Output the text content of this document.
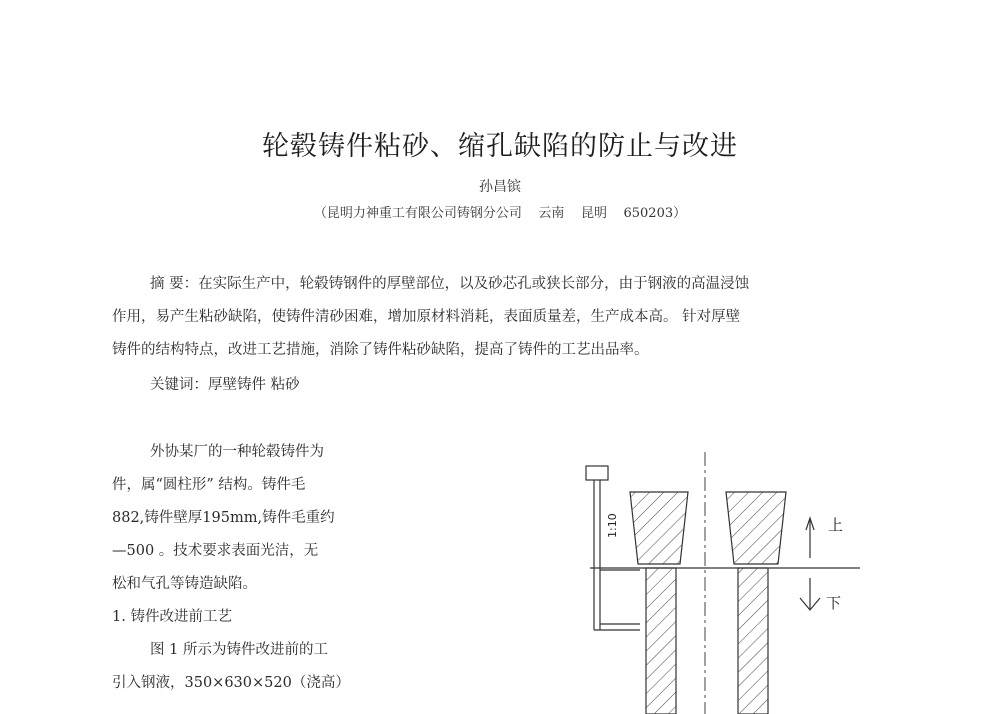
轮毂铸件粘砂、缩孔缺陷的防止与改进
孙昌镔
（昆明力神重工有限公司铸钢分公司    云南    昆明    650203）
摘 要：在实际生产中，轮毂铸钢件的厚壁部位，以及砂芯孔或狭长部分，由于钢液的高温浸蚀
作用，易产生粘砂缺陷，使铸件清砂困难，增加原材料消耗，表面质量差，生产成本高。 针对厚壁
铸件的结构特点，改进工艺措施，消除了铸件粘砂缺陷，提高了铸件的工艺出品率。
关键词：厚壁铸件 粘砂
外协某厂的一种轮毂铸件为
件，属“圆柱形” 结构。铸件毛
882,铸件壁厚195mm,铸件毛重约
—500 。技术要求表面光洁，无
松和气孔等铸造缺陷。
1. 铸件改进前工艺
图 1 所示为铸件改进前的工
引入钢液，350×630×520（浇高）
1:10	上
下
